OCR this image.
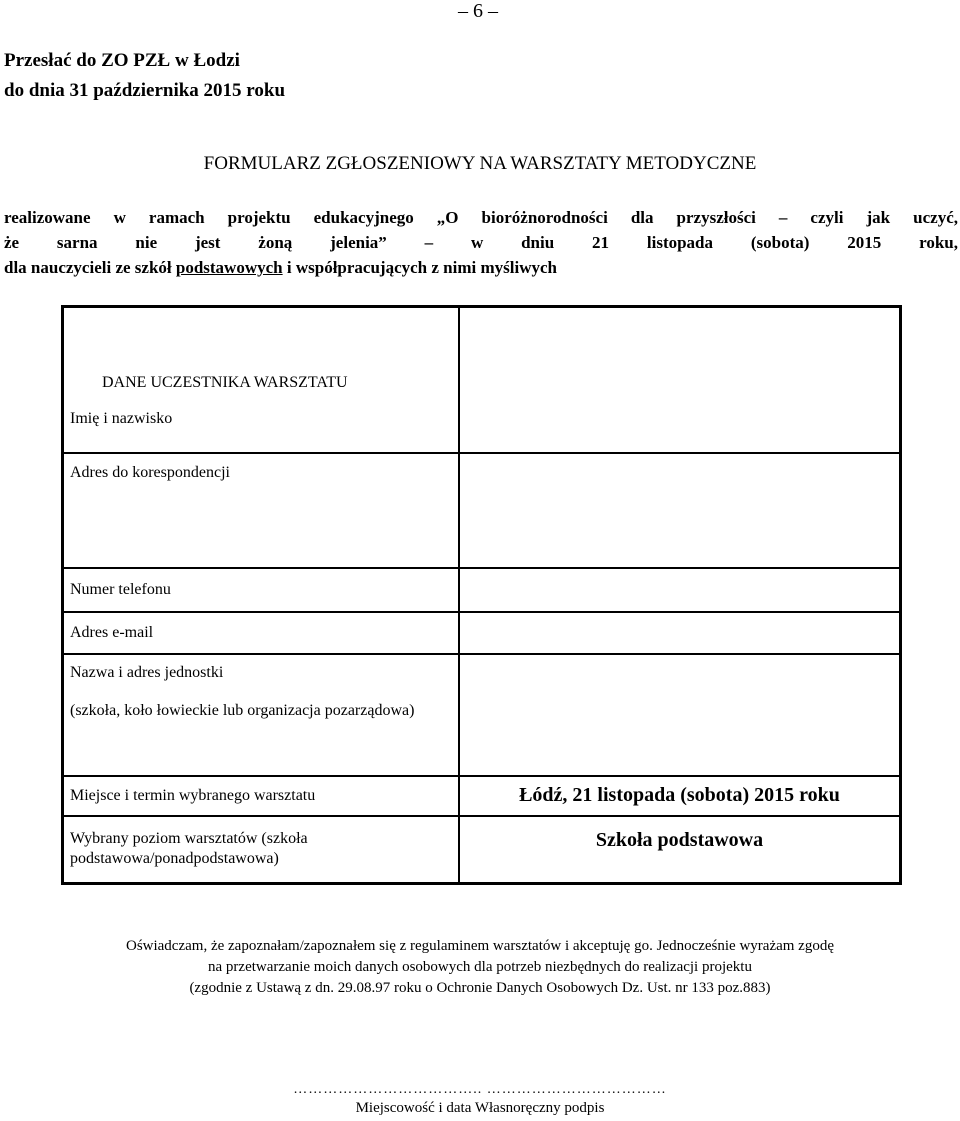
– 6 –
Przesłać do ZO PZŁ w Łodzi
do dnia 31 października 2015 roku
FORMULARZ ZGŁOSZENIOWY NA WARSZTATY METODYCZNE
realizowane w ramach projektu edukacyjnego „O bioróżnorodności dla przyszłości – czyli jak uczyć,
że sarna nie jest żoną jelenia” – w dniu 21 listopada (sobota) 2015 roku,
dla nauczycieli ze szkół podstawowych i współpracujących z nimi myśliwych
DANE UCZESTNIKA WARSZTATU
Imię i nazwisko	
Adres do korespondencji	
Numer telefonu	
Adres e-mail	

Nazwa i adres jednostki
(szkoła, koło łowieckie lub organizacja pozarządowa)	

Miejsce i termin wybranego warsztatu	Łódź, 21 listopada (sobota) 2015 roku

Wybrany poziom warsztatów (szkoła podstawowa/ponadpodstawowa)	Szkoła podstawowa
Oświadczam, że zapoznałam/zapoznałem się z regulaminem warsztatów i akceptuję go. Jednocześnie wyrażam zgodę
na przetwarzanie moich danych osobowych dla potrzeb niezbędnych do realizacji projektu
(zgodnie z Ustawą z dn. 29.08.97 roku o Ochronie Danych Osobowych Dz. Ust. nr 133 poz.883)
……………………………….. ………………………………
Miejscowość i data Własnoręczny podpis
